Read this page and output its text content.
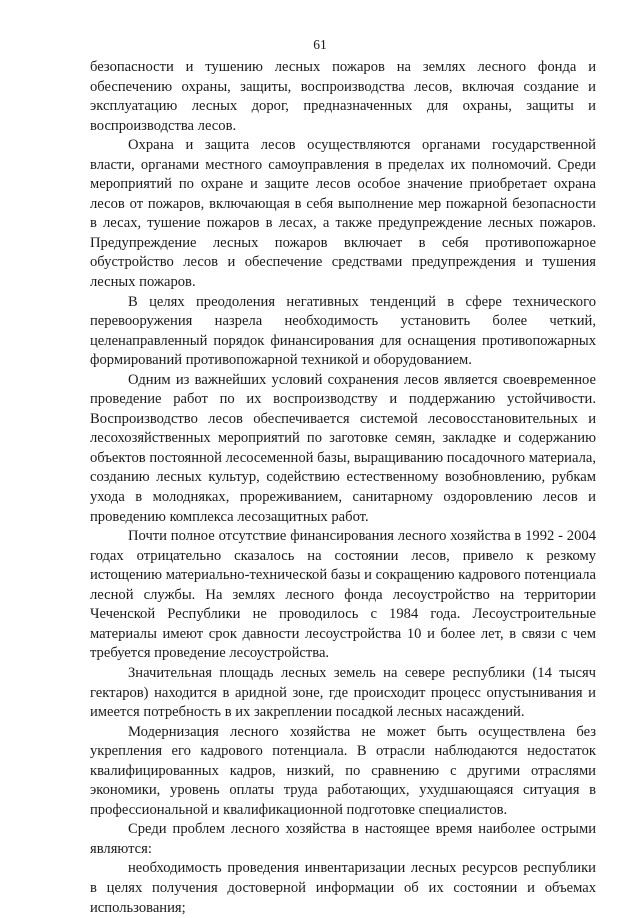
61

безопасности и тушению лесных пожаров на землях лесного фонда и обеспечению охраны, защиты, воспроизводства лесов, включая создание и эксплуатацию лесных дорог, предназначенных для охраны, защиты и воспроизводства лесов.

Охрана и защита лесов осуществляются органами государственной власти, органами местного самоуправления в пределах их полномочий. Среди мероприятий по охране и защите лесов особое значение приобретает охрана лесов от пожаров, включающая в себя выполнение мер пожарной безопасности в лесах, тушение пожаров в лесах, а также предупреждение лесных пожаров. Предупреждение лесных пожаров включает в себя противопожарное обустройство лесов и обеспечение средствами предупреждения и тушения лесных пожаров.

В целях преодоления негативных тенденций в сфере технического перевооружения назрела необходимость установить более четкий, целенаправленный порядок финансирования для оснащения противопожарных формирований противопожарной техникой и оборудованием.

Одним из важнейших условий сохранения лесов является своевременное проведение работ по их воспроизводству и поддержанию устойчивости. Воспроизводство лесов обеспечивается системой лесовосстановительных и лесохозяйственных мероприятий по заготовке семян, закладке и содержанию объектов постоянной лесосеменной базы, выращиванию посадочного материала, созданию лесных культур, содействию естественному возобновлению, рубкам ухода в молодняках, прореживанием, санитарному оздоровлению лесов и проведению комплекса лесозащитных работ.

Почти полное отсутствие финансирования лесного хозяйства в 1992 - 2004 годах отрицательно сказалось на состоянии лесов, привело к резкому истощению материально-технической базы и сокращению кадрового потенциала лесной службы. На землях лесного фонда лесоустройство на территории Чеченской Республики не проводилось с 1984 года. Лесоустроительные материалы имеют срок давности лесоустройства 10 и более лет, в связи с чем требуется проведение лесоустройства.

Значительная площадь лесных земель на севере республики (14 тысяч гектаров) находится в аридной зоне, где происходит процесс опустынивания и имеется потребность в их закреплении посадкой лесных насаждений.

Модернизация лесного хозяйства не может быть осуществлена без укрепления его кадрового потенциала. В отрасли наблюдаются недостаток квалифицированных кадров, низкий, по сравнению с другими отраслями экономики, уровень оплаты труда работающих, ухудшающаяся ситуация в профессиональной и квалификационной подготовке специалистов.

Среди проблем лесного хозяйства в настоящее время наиболее острыми являются:

необходимость проведения инвентаризации лесных ресурсов республики в целях получения достоверной информации об их состоянии и объемах использования;
